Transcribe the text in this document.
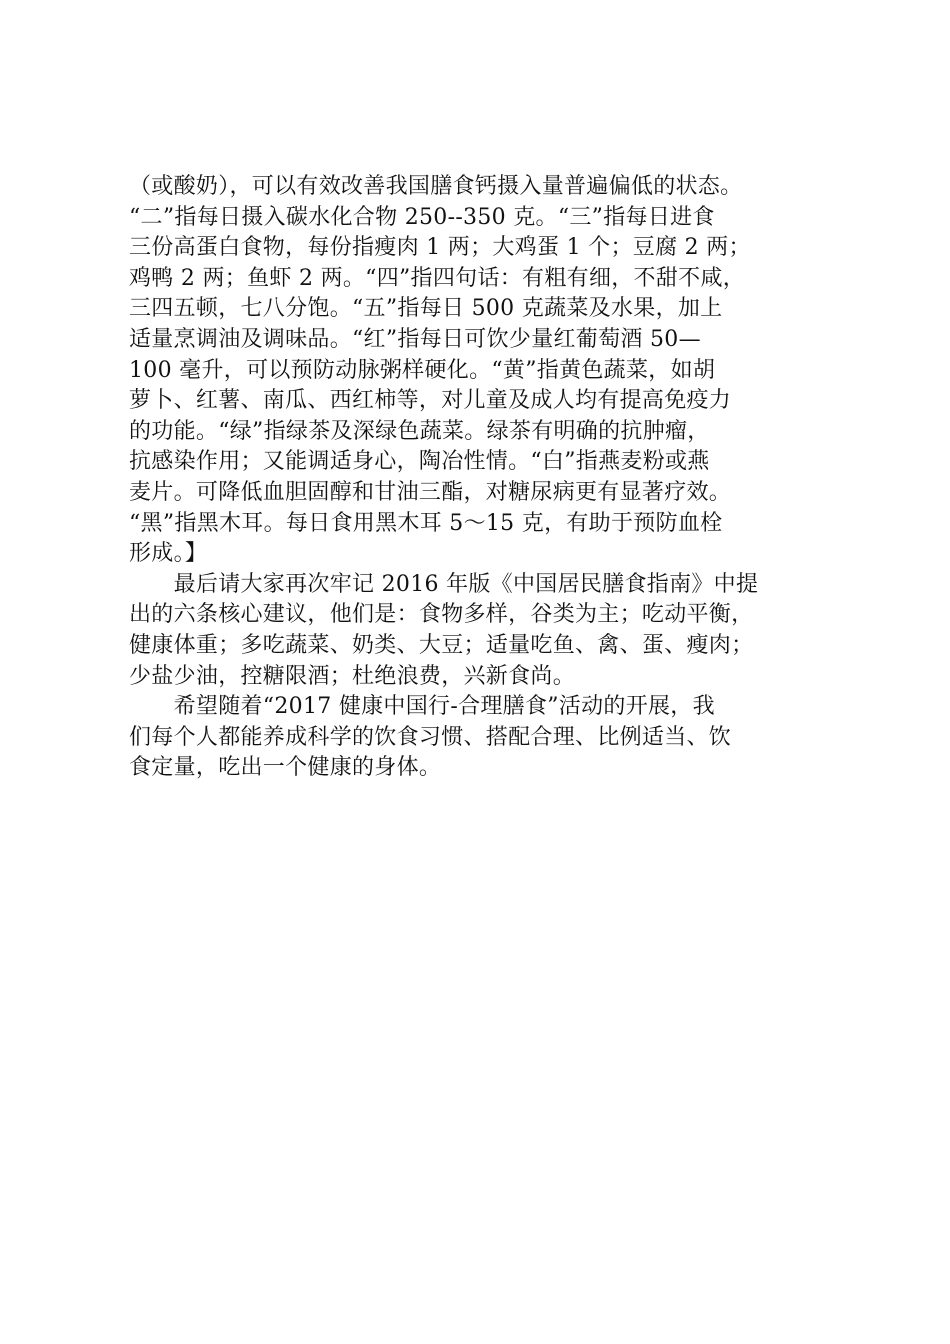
（或酸奶），可以有效改善我国膳食钙摄入量普遍偏低的状态。
“二”指每日摄入碳水化合物 250--350 克。“三”指每日进食
三份高蛋白食物，每份指瘦肉 1 两；大鸡蛋 1 个；豆腐 2 两；
鸡鸭 2 两；鱼虾 2 两。“四”指四句话：有粗有细，不甜不咸，
三四五顿，七八分饱。“五”指每日 500 克蔬菜及水果，加上
适量烹调油及调味品。“红”指每日可饮少量红葡萄酒 50—
100 毫升，可以预防动脉粥样硬化。“黄”指黄色蔬菜，如胡
萝卜、红薯、南瓜、西红柿等，对儿童及成人均有提高免疫力
的功能。“绿”指绿茶及深绿色蔬菜。绿茶有明确的抗肿瘤，
抗感染作用；又能调适身心，陶冶性情。“白”指燕麦粉或燕
麦片。可降低血胆固醇和甘油三酯，对糖尿病更有显著疗效。
“黑”指黑木耳。每日食用黑木耳 5～15 克，有助于预防血栓
形成。】
　　最后请大家再次牢记 2016 年版《中国居民膳食指南》中提
出的六条核心建议，他们是：食物多样，谷类为主；吃动平衡，
健康体重；多吃蔬菜、奶类、大豆；适量吃鱼、禽、蛋、瘦肉；
少盐少油，控糖限酒；杜绝浪费，兴新食尚。
　　希望随着“2017 健康中国行-合理膳食”活动的开展，我
们每个人都能养成科学的饮食习惯、搭配合理、比例适当、饮
食定量，吃出一个健康的身体。
